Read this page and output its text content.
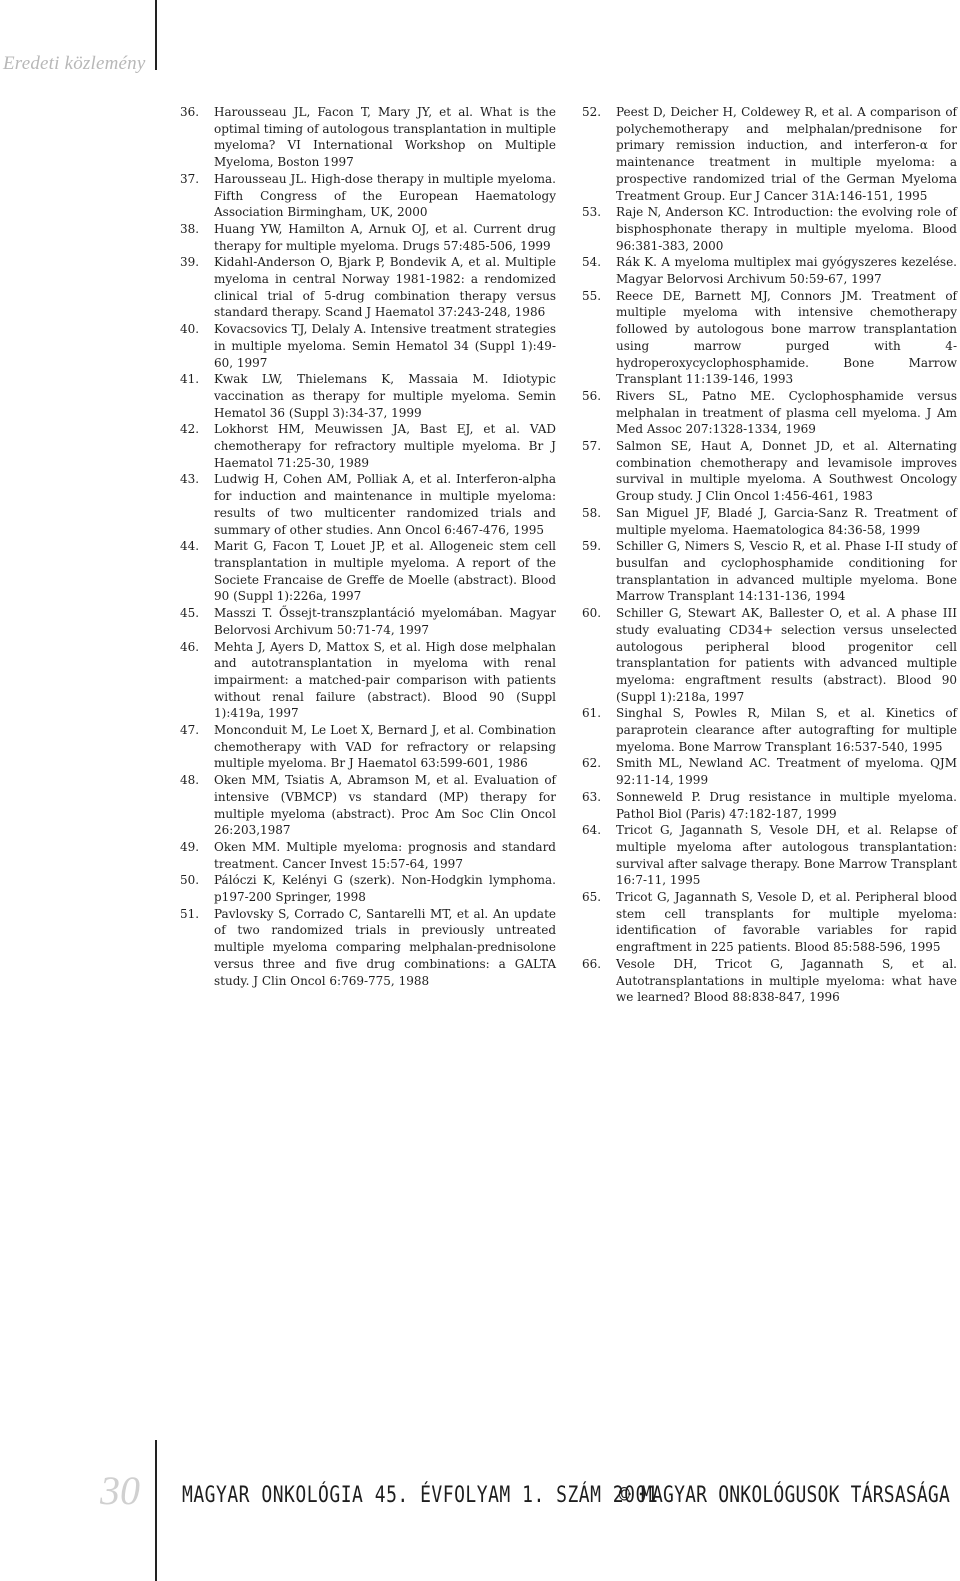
Eredeti közlemény

36. Harousseau JL, Facon T, Mary JY, et al. What is the optimal timing of autologous transplantation in multiple myeloma? VI International Workshop on Multiple Myeloma, Boston 1997

37. Harousseau JL. High-dose therapy in multiple myeloma. Fifth Congress of the European Haematology Association Birmingham, UK, 2000

38. Huang YW, Hamilton A, Arnuk OJ, et al. Current drug therapy for multiple myeloma. Drugs 57:485-506, 1999

39. Kidahl-Anderson O, Bjark P, Bondevik A, et al. Multiple myeloma in central Norway 1981-1982: a rendomized clinical trial of 5-drug combination therapy versus standard therapy. Scand J Haematol 37:243-248, 1986

40. Kovacsovics TJ, Delaly A. Intensive treatment strategies in multiple myeloma. Semin Hematol 34 (Suppl 1):49-60, 1997

41. Kwak LW, Thielemans K, Massaia M. Idiotypic vaccination as therapy for multiple myeloma. Semin Hematol 36 (Suppl 3):34-37, 1999

42. Lokhorst HM, Meuwissen JA, Bast EJ, et al. VAD chemotherapy for refractory multiple myeloma. Br J Haematol 71:25-30, 1989

43. Ludwig H, Cohen AM, Polliak A, et al. Interferon-alpha for induction and maintenance in multiple myeloma: results of two multicenter randomized trials and summary of other studies. Ann Oncol 6:467-476, 1995

44. Marit G, Facon T, Louet JP, et al. Allogeneic stem cell transplantation in multiple myeloma. A report of the Societe Francaise de Greffe de Moelle (abstract). Blood 90 (Suppl 1):226a, 1997

45. Masszi T. Őssejt-transzplantáció myelomában. Magyar Belorvosi Archivum 50:71-74, 1997

46. Mehta J, Ayers D, Mattox S, et al. High dose melphalan and autotransplantation in myeloma with renal impairment: a matched-pair comparison with patients without renal failure (abstract). Blood 90 (Suppl 1):419a, 1997

47. Monconduit M, Le Loet X, Bernard J, et al. Combination chemotherapy with VAD for refractory or relapsing multiple myeloma. Br J Haematol 63:599-601, 1986

48. Oken MM, Tsiatis A, Abramson M, et al. Evaluation of intensive (VBMCP) vs standard (MP) therapy for multiple myeloma (abstract). Proc Am Soc Clin Oncol 26:203,1987

49. Oken MM. Multiple myeloma: prognosis and standard treatment. Cancer Invest 15:57-64, 1997

50. Pálóczi K, Kelényi G (szerk). Non-Hodgkin lymphoma. p197-200 Springer, 1998

51. Pavlovsky S, Corrado C, Santarelli MT, et al. An update of two randomized trials in previously untreated multiple myeloma comparing melphalan-prednisolone versus three and five drug combinations: a GALTA study. J Clin Oncol 6:769-775, 1988

52. Peest D, Deicher H, Coldewey R, et al. A comparison of polychemotherapy and melphalan/prednisone for primary remission induction, and interferon-α for maintenance treatment in multiple myeloma: a prospective randomized trial of the German Myeloma Treatment Group. Eur J Cancer 31A:146-151, 1995

53. Raje N, Anderson KC. Introduction: the evolving role of bisphosphonate therapy in multiple myeloma. Blood 96:381-383, 2000

54. Rák K. A myeloma multiplex mai gyógyszeres kezelése. Magyar Belorvosi Archivum 50:59-67, 1997

55. Reece DE, Barnett MJ, Connors JM. Treatment of multiple myeloma with intensive chemotherapy followed by autologous bone marrow transplantation using marrow purged with 4-hydroperoxycyclophosphamide. Bone Marrow Transplant 11:139-146, 1993

56. Rivers SL, Patno ME. Cyclophosphamide versus melphalan in treatment of plasma cell myeloma. J Am Med Assoc 207:1328-1334, 1969

57. Salmon SE, Haut A, Donnet JD, et al. Alternating combination chemotherapy and levamisole improves survival in multiple myeloma. A Southwest Oncology Group study. J Clin Oncol 1:456-461, 1983

58. San Miguel JF, Bladé J, Garcia-Sanz R. Treatment of multiple myeloma. Haematologica 84:36-58, 1999

59. Schiller G, Nimers S, Vescio R, et al. Phase I-II study of busulfan and cyclophosphamide conditioning for transplantation in advanced multiple myeloma. Bone Marrow Transplant 14:131-136, 1994

60. Schiller G, Stewart AK, Ballester O, et al. A phase III study evaluating CD34+ selection versus unselected autologous peripheral blood progenitor cell transplantation for patients with advanced multiple myeloma: engraftment results (abstract). Blood 90 (Suppl 1):218a, 1997

61. Singhal S, Powles R, Milan S, et al. Kinetics of paraprotein clearance after autografting for multiple myeloma. Bone Marrow Transplant 16:537-540, 1995

62. Smith ML, Newland AC. Treatment of myeloma. QJM 92:11-14, 1999

63. Sonneweld P. Drug resistance in multiple myeloma. Pathol Biol (Paris) 47:182-187, 1999

64. Tricot G, Jagannath S, Vesole DH, et al. Relapse of multiple myeloma after autologous transplantation: survival after salvage therapy. Bone Marrow Transplant 16:7-11, 1995

65. Tricot G, Jagannath S, Vesole D, et al. Peripheral blood stem cell transplants for multiple myeloma: identification of favorable variables for rapid engraftment in 225 patients. Blood 85:588-596, 1995

66. Vesole DH, Tricot G, Jagannath S, et al. Autotransplantations in multiple myeloma: what have we learned? Blood 88:838-847, 1996

30 MAGYAR ONKOLÓGIA 45. ÉVFOLYAM 1. SZÁM 2001
© MAGYAR ONKOLÓGUSOK TÁRSASÁGA
